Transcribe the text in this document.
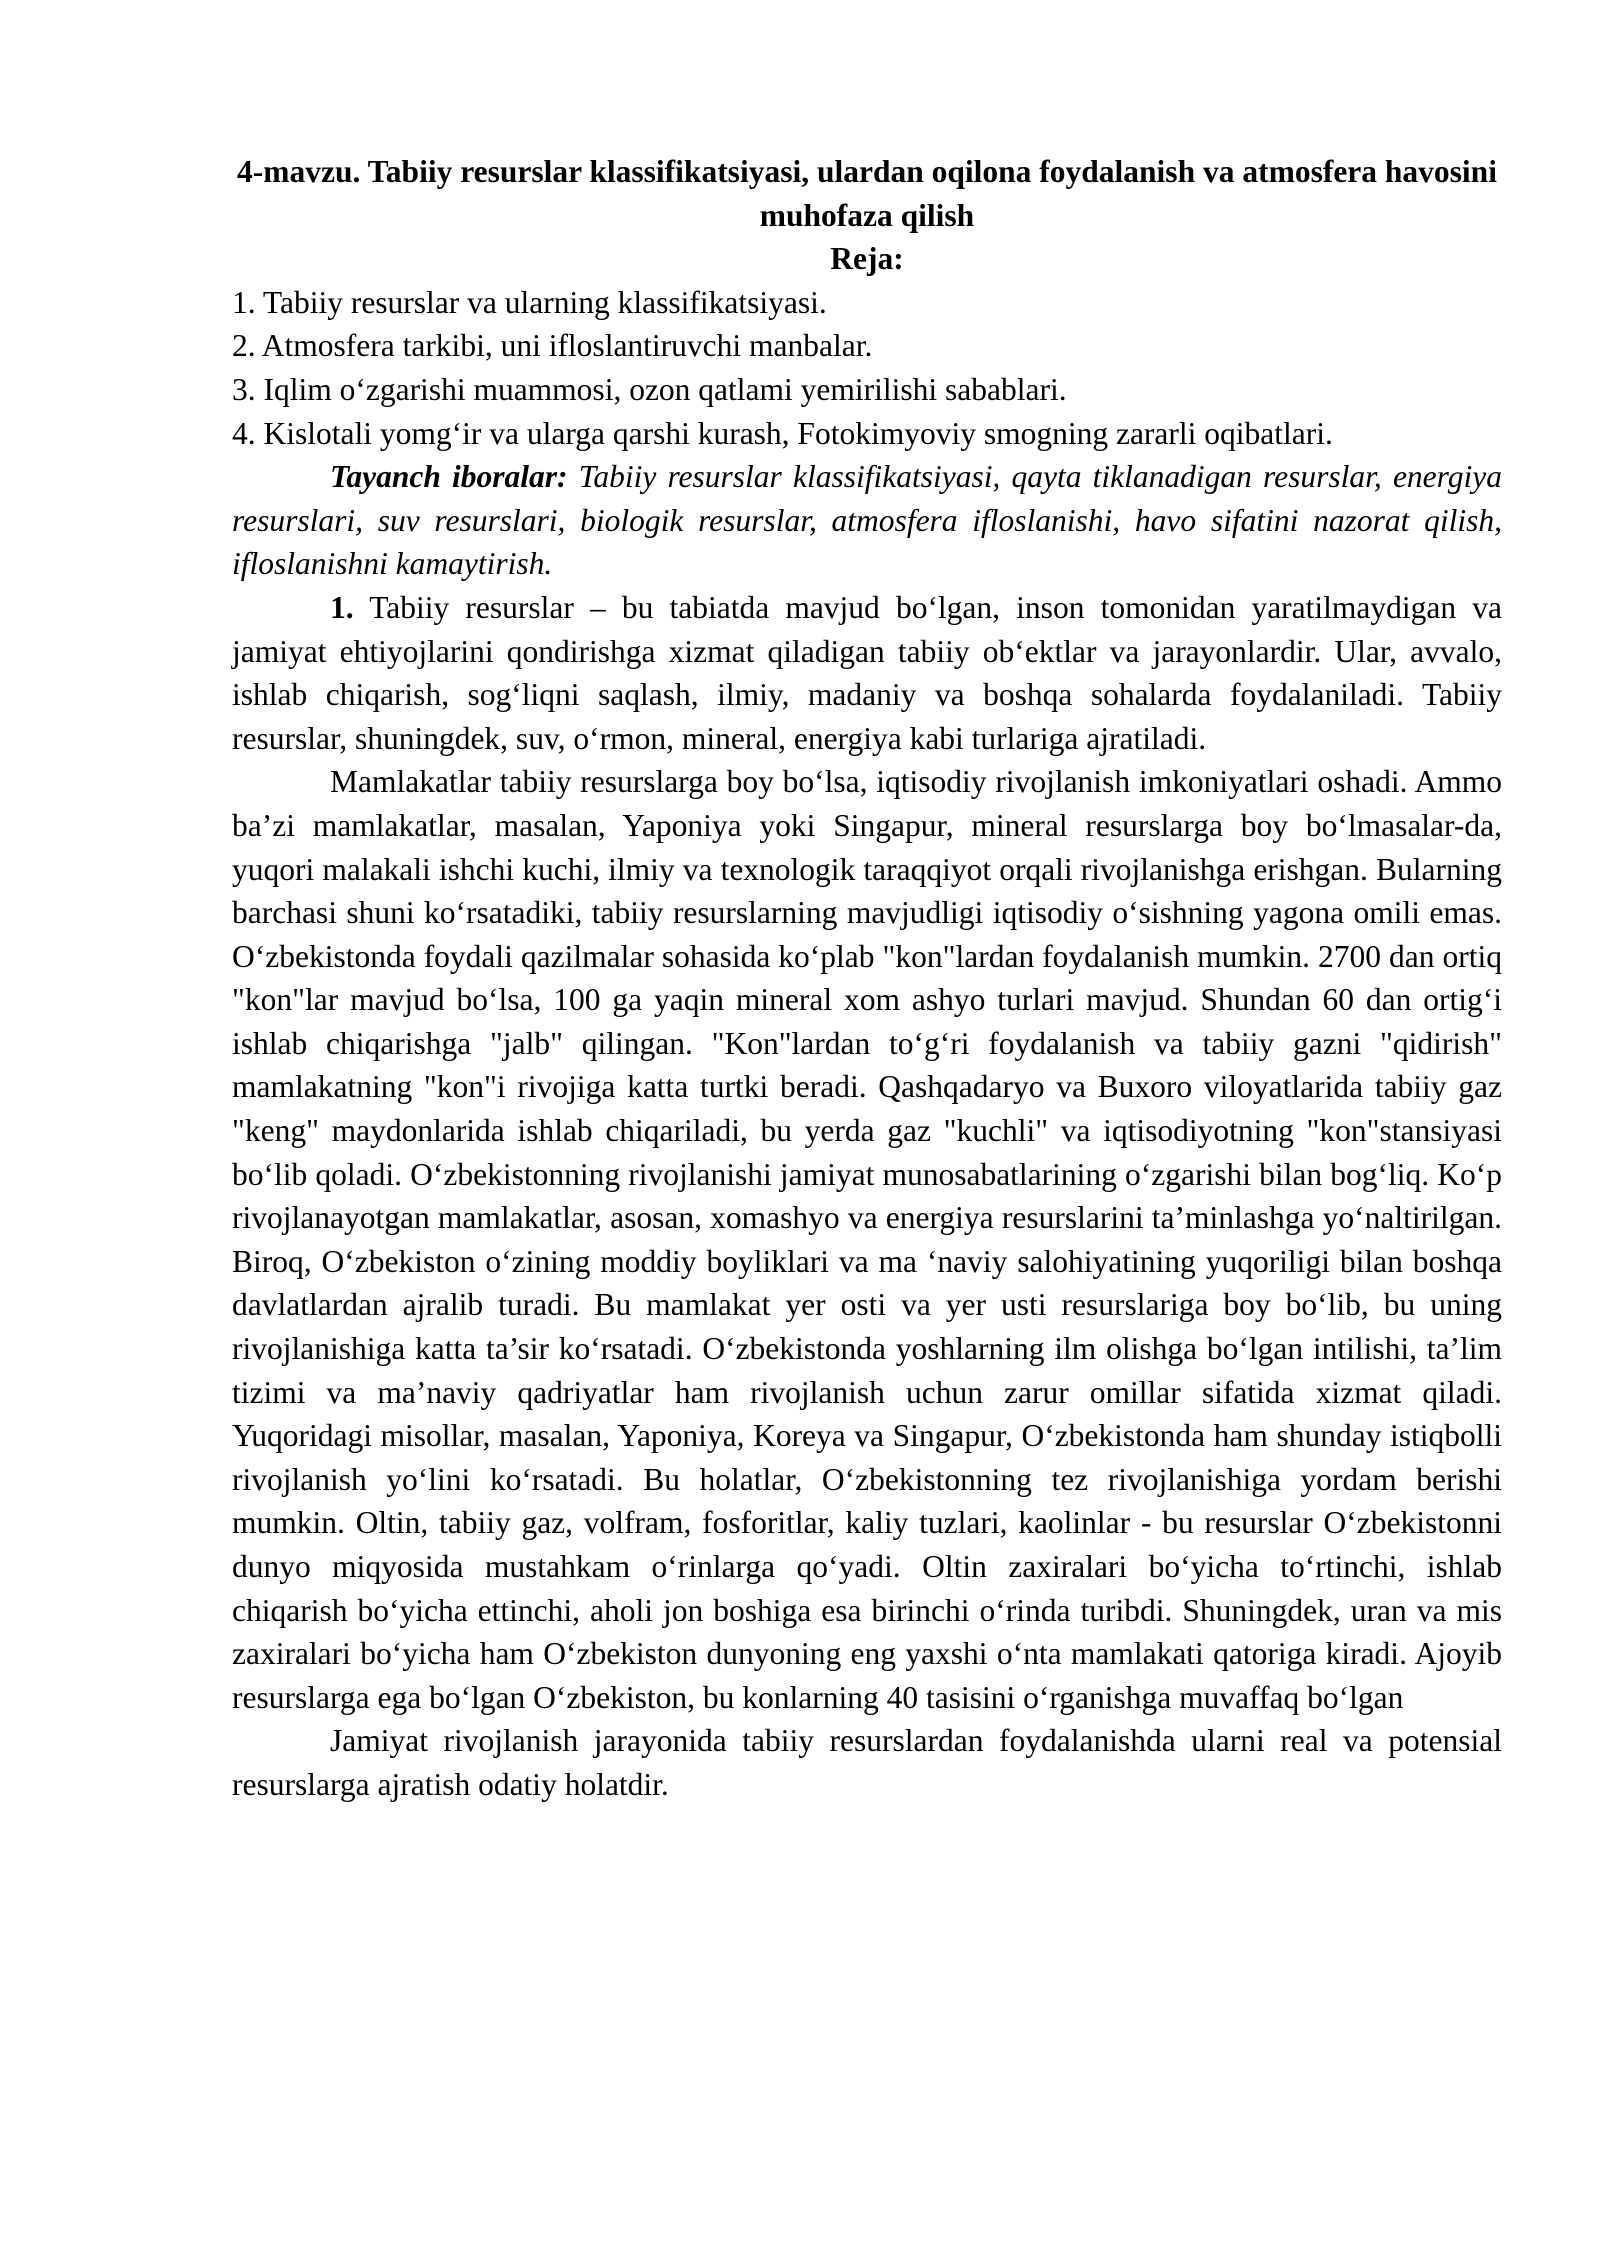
4-mavzu. Tabiiy resurslar klassifikatsiyasi, ulardan oqilona foydalanish va atmosfera havosini muhofaza qilish
Reja:
1. Tabiiy resurslar va ularning klassifikatsiyasi.
2. Atmosfera tarkibi, uni ifloslantiruvchi manbalar.
3. Iqlim o‘zgarishi muammosi, ozon qatlami yemirilishi sabablari.
4. Kislotali yomg‘ir va ularga qarshi kurash, Fotokimyoviy smogning zararli oqibatlari.

Tayanch iboralar: Tabiiy resurslar klassifikatsiyasi, qayta tiklanadigan resurslar, energiya resurslari, suv resurslari, biologik resurslar, atmosfera ifloslanishi, havo sifatini nazorat qilish, ifloslanishni kamaytirish.

1. Tabiiy resurslar – bu tabiatda mavjud bo‘lgan, inson tomonidan yaratilmaydigan va jamiyat ehtiyojlarini qondirishga xizmat qiladigan tabiiy ob‘ektlar va jarayonlardir. Ular, avvalo, ishlab chiqarish, sog‘liqni saqlash, ilmiy, madaniy va boshqa sohalarda foydalaniladi. Tabiiy resurslar, shuningdek, suv, o‘rmon, mineral, energiya kabi turlariga ajratiladi.

Mamlakatlar tabiiy resurslarga boy bo‘lsa, iqtisodiy rivojlanish imkoniyatlari oshadi. Ammo ba’zi mamlakatlar, masalan, Yaponiya yoki Singapur, mineral resurslarga boy bo‘lmasalar-da, yuqori malakali ishchi kuchi, ilmiy va texnologik taraqqiyot orqali rivojlanishga erishgan. Bularning barchasi shuni ko‘rsatadiki, tabiiy resurslarning mavjudligi iqtisodiy o‘sishning yagona omili emas. O‘zbekistonda foydali qazilmalar sohasida ko‘plab "kon"lardan foydalanish mumkin. 2700 dan ortiq "kon"lar mavjud bo‘lsa, 100 ga yaqin mineral xom ashyo turlari mavjud. Shundan 60 dan ortig‘i ishlab chiqarishga "jalb" qilingan. "Kon"lardan to‘g‘ri foydalanish va tabiiy gazni "qidirish" mamlakatning "kon"i rivojiga katta turtki beradi. Qashqadaryo va Buxoro viloyatlarida tabiiy gaz "keng" maydonlarida ishlab chiqariladi, bu yerda gaz "kuchli" va iqtisodiyotning "kon"stansiyasi bo‘lib qoladi. O‘zbekistonning rivojlanishi jamiyat munosabatlarining o‘zgarishi bilan bog‘liq. Ko‘p rivojlanayotgan mamlakatlar, asosan, xomashyo va energiya resurslarini ta’minlashga yo‘naltirilgan. Biroq, O‘zbekiston o‘zining moddiy boyliklari va ma ‘naviy salohiyatining yuqoriligi bilan boshqa davlatlardan ajralib turadi. Bu mamlakat yer osti va yer usti resurslariga boy bo‘lib, bu uning rivojlanishiga katta ta’sir ko‘rsatadi. O‘zbekistonda yoshlarning ilm olishga bo‘lgan intilishi, ta’lim tizimi va ma’naviy qadriyatlar ham rivojlanish uchun zarur omillar sifatida xizmat qiladi. Yuqoridagi misollar, masalan, Yaponiya, Koreya va Singapur, O‘zbekistonda ham shunday istiqbolli rivojlanish yo‘lini ko‘rsatadi. Bu holatlar, O‘zbekistonning tez rivojlanishiga yordam berishi mumkin. Oltin, tabiiy gaz, volfram, fosforitlar, kaliy tuzlari, kaolinlar - bu resurslar O‘zbekistonni dunyo miqyosida mustahkam o‘rinlarga qo‘yadi. Oltin zaxiralari bo‘yicha to‘rtinchi, ishlab chiqarish bo‘yicha ettinchi, aholi jon boshiga esa birinchi o‘rinda turibdi. Shuningdek, uran va mis zaxiralari bo‘yicha ham O‘zbekiston dunyoning eng yaxshi o‘nta mamlakati qatoriga kiradi. Ajoyib resurslarga ega bo‘lgan O‘zbekiston, bu konlarning 40 tasisini o‘rganishga muvaffaq bo‘lgan

Jamiyat rivojlanish jarayonida tabiiy resurslardan foydalanishda ularni real va potensial resurslarga ajratish odatiy holatdir.
